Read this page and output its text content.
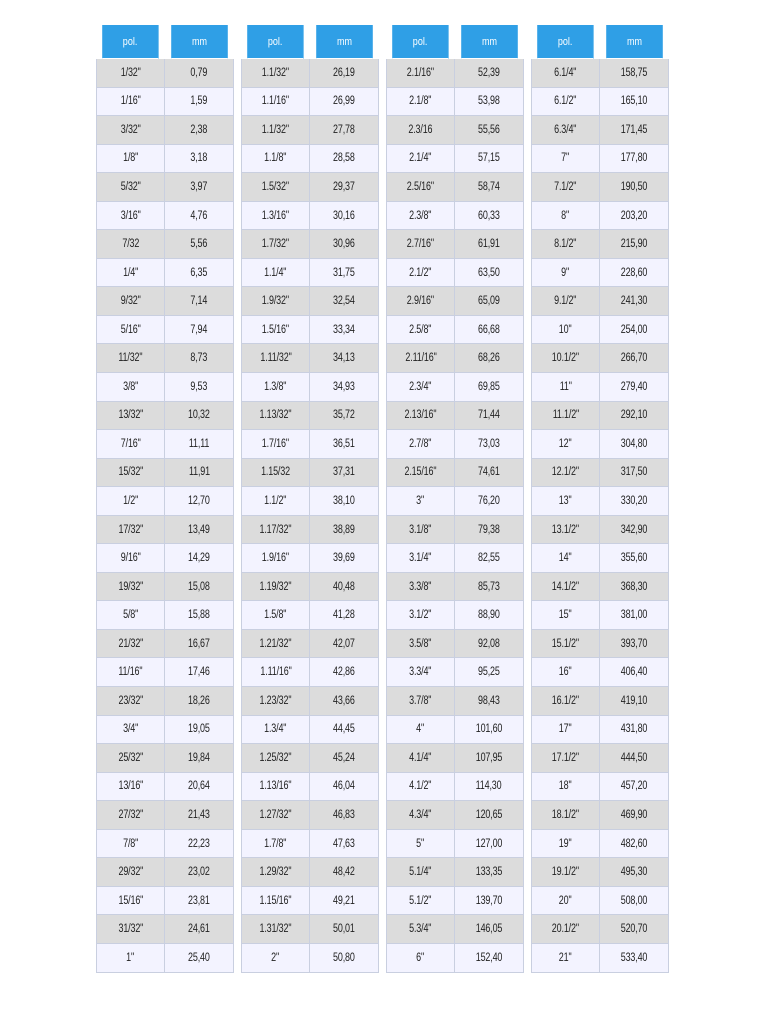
pol.	mm
1/32"	0,79
1/16"	1,59
3/32"	2,38
1/8"	3,18
5/32"	3,97
3/16"	4,76
7/32	5,56
1/4"	6,35
9/32"	7,14
5/16"	7,94
11/32"	8,73
3/8"	9,53
13/32"	10,32
7/16"	11,11
15/32"	11,91
1/2"	12,70
17/32"	13,49
9/16"	14,29
19/32"	15,08
5/8"	15,88
21/32"	16,67
11/16"	17,46
23/32"	18,26
3/4"	19,05
25/32"	19,84
13/16"	20,64
27/32"	21,43
7/8"	22,23
29/32"	23,02
15/16"	23,81
31/32"	24,61
1"	25,40
pol.	mm
1.1/32"	26,19
1.1/16"	26,99
1.1/32"	27,78
1.1/8"	28,58
1.5/32"	29,37
1.3/16"	30,16
1.7/32"	30,96
1.1/4"	31,75
1.9/32"	32,54
1.5/16"	33,34
1.11/32"	34,13
1.3/8"	34,93
1.13/32"	35,72
1.7/16"	36,51
1.15/32	37,31
1.1/2"	38,10
1.17/32"	38,89
1.9/16"	39,69
1.19/32"	40,48
1.5/8"	41,28
1.21/32"	42,07
1.11/16"	42,86
1.23/32"	43,66
1.3/4"	44,45
1.25/32"	45,24
1.13/16"	46,04
1.27/32"	46,83
1.7/8"	47,63
1.29/32"	48,42
1.15/16"	49,21
1.31/32"	50,01
2"	50,80
pol.	mm
2.1/16"	52,39
2.1/8"	53,98
2.3/16	55,56
2.1/4"	57,15
2.5/16"	58,74
2.3/8"	60,33
2.7/16"	61,91
2.1/2"	63,50
2.9/16"	65,09
2.5/8"	66,68
2.11/16"	68,26
2.3/4"	69,85
2.13/16"	71,44
2.7/8"	73,03
2.15/16"	74,61
3"	76,20
3.1/8"	79,38
3.1/4"	82,55
3.3/8"	85,73
3.1/2"	88,90
3.5/8"	92,08
3.3/4"	95,25
3.7/8"	98,43
4"	101,60
4.1/4"	107,95
4.1/2"	114,30
4.3/4"	120,65
5"	127,00
5.1/4"	133,35
5.1/2"	139,70
5.3/4"	146,05
6"	152,40
pol.	mm
6.1/4"	158,75
6.1/2"	165,10
6.3/4"	171,45
7"	177,80
7.1/2"	190,50
8"	203,20
8.1/2"	215,90
9"	228,60
9.1/2"	241,30
10"	254,00
10.1/2"	266,70
11"	279,40
11.1/2"	292,10
12"	304,80
12.1/2"	317,50
13"	330,20
13.1/2"	342,90
14"	355,60
14.1/2"	368,30
15"	381,00
15.1/2"	393,70
16"	406,40
16.1/2"	419,10
17"	431,80
17.1/2"	444,50
18"	457,20
18.1/2"	469,90
19"	482,60
19.1/2"	495,30
20"	508,00
20.1/2"	520,70
21"	533,40
